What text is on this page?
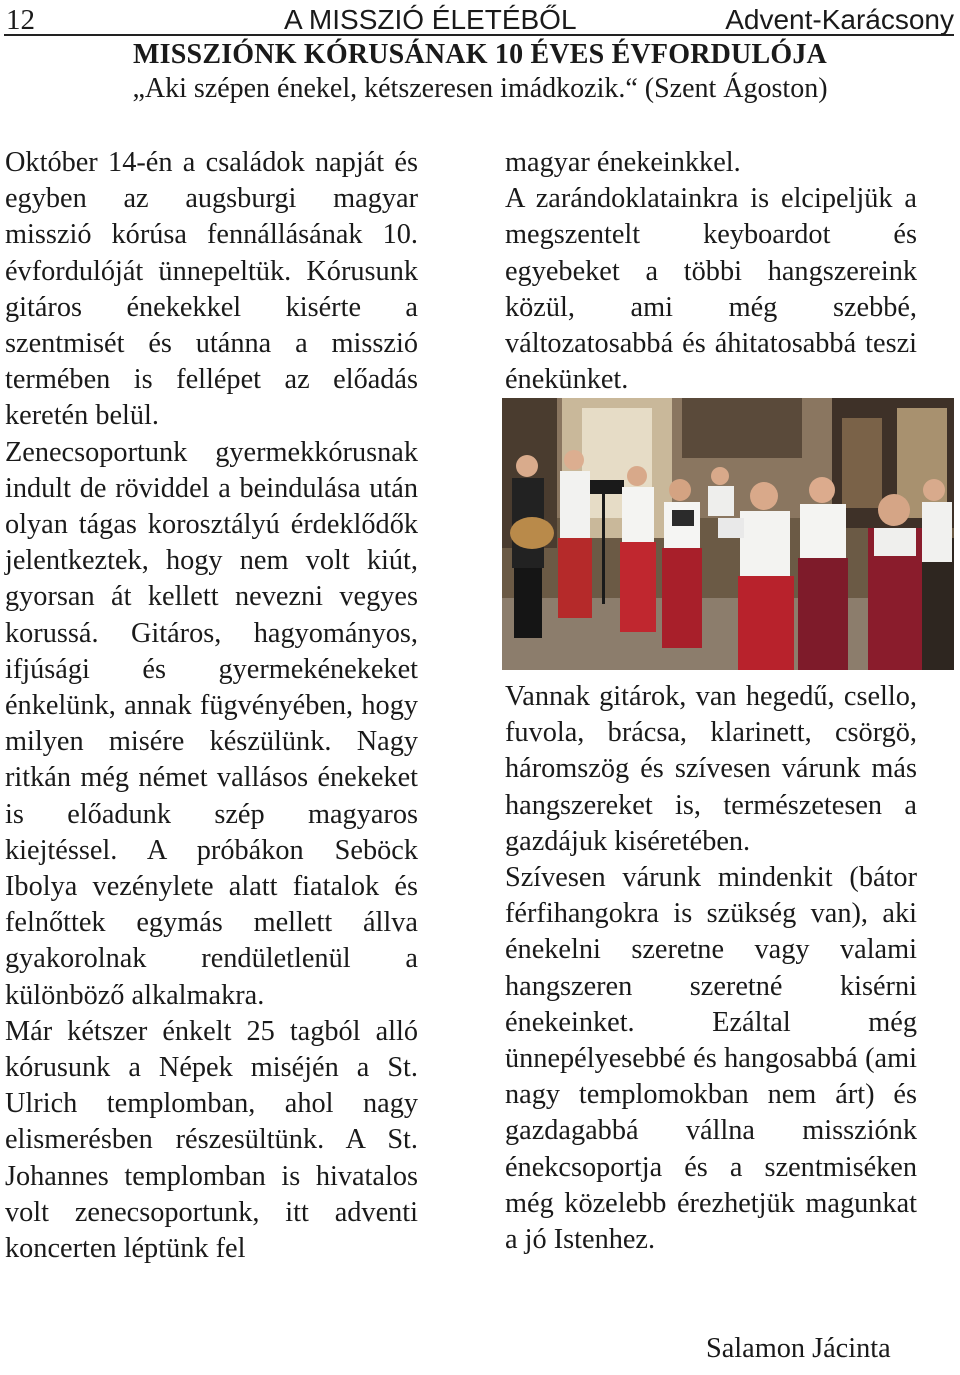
12	A MISSZIÓ ÉLETÉBŐL	Advent-Karácsony
MISSZIÓNK KÓRUSÁNAK 10 ÉVES ÉVFORDULÓJA
„Aki szépen énekel, kétszeresen imádkozik.“ (Szent Ágoston)

Október 14-én a családok napját és egyben az augsburgi magyar misszió kórúsa fennállásának 10. évfordulóját ünnepeltük. Kórusunk gitáros énekekkel kisérte a szentmisét és utánna a misszió termében is fellépet az előadás keretén belül.

Zenecsoportunk gyermekkórusnak indult de röviddel a beindulása után olyan tágas korosztályú érdeklődők jelentkeztek, hogy nem volt kiút, gyorsan át kellett nevezni vegyes korussá. Gitáros, hagyományos, ifjúsági és gyermekénekeket énkelünk, annak fügvényében, hogy milyen misére készülünk. Nagy ritkán még német vallásos énekeket is előadunk szép magyaros kiejtéssel. A próbákon Seböck Ibolya vezénylete alatt fiatalok és felnőttek egymás mellett állva gyakorolnak rendületlenül a különböző alkalmakra.

Már kétszer énkelt 25 tagból alló kórusunk a Népek miséjén a St. Ulrich templomban, ahol nagy elismerésben részesültünk. A St. Johannes templomban is hivatalos volt zenecsoportunk, itt adventi koncerten léptünk fel

magyar énekeinkkel.

A zarándoklatainkra is elcipeljük a megszentelt keyboardot és egyebeket a többi hangszereink közül, ami még szebbé, változatosabbá és áhitatosabbá teszi énekünket.

Vannak gitárok, van hegedű, csello, fuvola, brácsa, klarinett, csörgö, háromszög és szívesen várunk más hangszereket is, természetesen a gazdájuk kiséretében.

Szívesen várunk mindenkit (bátor férfihangokra is szükség van), aki énekelni szeretne vagy valami hangszeren szeretné kisérni énekeinket. Ezáltal még ünnepélyesebbé és hangosabbá (ami nagy templomokban nem árt) és gazdagabbá vállna missziónk énekcsoportja és a szentmiséken még közelebb érezhetjük magunkat a jó Istenhez.

Salamon Jácinta
